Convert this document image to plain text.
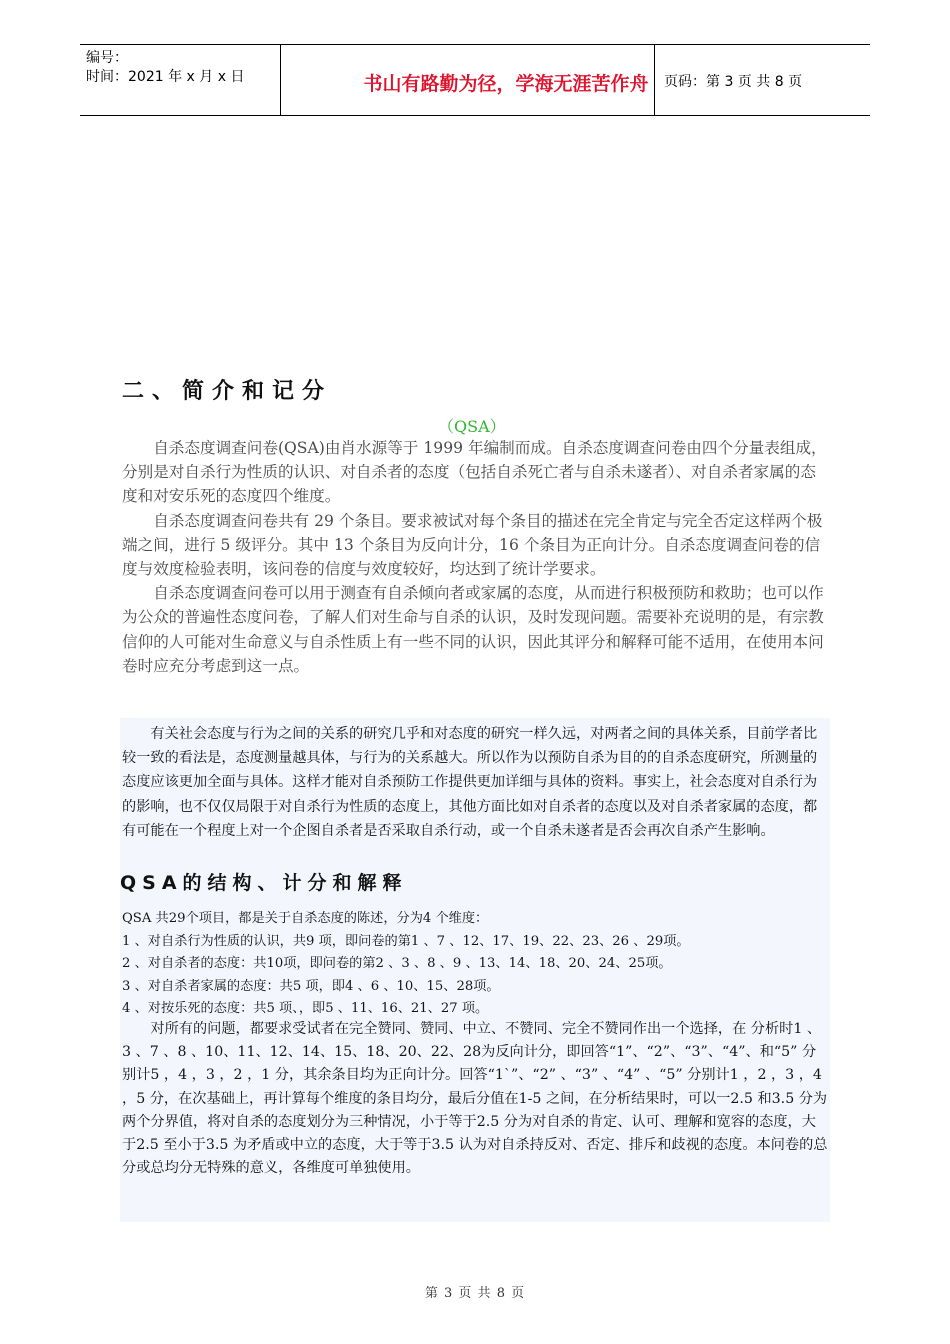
编号：
时间：2021 年 x 月 x 日	书山有路勤为径，学海无涯苦作舟	页码：第 3 页 共 8 页
二、简介和记分
（QSA）

自杀态度调查问卷(QSA)由肖水源等于 1999 年编制而成。自杀态度调查问卷由四个分量表组成，分别是对自杀行为性质的认识、对自杀者的态度（包括自杀死亡者与自杀未遂者）、对自杀者家属的态度和对安乐死的态度四个维度。

自杀态度调查问卷共有 29 个条目。要求被试对每个条目的描述在完全肯定与完全否定这样两个极端之间，进行 5 级评分。其中 13 个条目为反向计分，16 个条目为正向计分。自杀态度调查问卷的信度与效度检验表明，该问卷的信度与效度较好，均达到了统计学要求。

自杀态度调查问卷可以用于测查有自杀倾向者或家属的态度，从而进行积极预防和救助；也可以作为公众的普遍性态度问卷，了解人们对生命与自杀的认识，及时发现问题。需要补充说明的是，有宗教信仰的人可能对生命意义与自杀性质上有一些不同的认识，因此其评分和解释可能不适用，在使用本问卷时应充分考虑到这一点。

有关社会态度与行为之间的关系的研究几乎和对态度的研究一样久远，对两者之间的具体关系，目前学者比较一致的看法是，态度测量越具体，与行为的关系越大。所以作为以预防自杀为目的的自杀态度研究，所测量的态度应该更加全面与具体。这样才能对自杀预防工作提供更加详细与具体的资料。事实上，社会态度对自杀行为的影响，也不仅仅局限于对自杀行为性质的态度上，其他方面比如对自杀者的态度以及对自杀者家属的态度，都有可能在一个程度上对一个企图自杀者是否采取自杀行动，或一个自杀未遂者是否会再次自杀产生影响。

QSA的结构、计分和解释
QSA 共29个项目，都是关于自杀态度的陈述，分为4 个维度：
1 、对自杀行为性质的认识，共9 项，即问卷的第1 、7 、12、17、19、22、23、26 、29项。
2 、对自杀者的态度：共10项，即问卷的第2 、3 、8 、9 、13、14、18、20、24、25项。
3 、对自杀者家属的态度：共5 项，即4 、6 、10、15、28项。
4 、对按乐死的态度：共5 项、，即5 、11、16、21、27 项。

对所有的问题，都要求受试者在完全赞同、赞同、中立、不赞同、完全不赞同作出一个选择，在 分析时1 、3 、7 、8 、10、11、12、14、15、18、20、22、28为反向计分，即回答“1”、“2”、“3”、“4”、和“5” 分别计5 ，4 ，3 ，2 ，1 分，其余条目均为正向计分。回答“1`”、“2” 、“3” 、“4” 、“5” 分别计1 ，2 ，3 ，4 ，5 分，在次基础上，再计算每个维度的条目均分，最后分值在1-5 之间，在分析结果时，可以一2.5 和3.5 分为两个分界值，将对自杀的态度划分为三种情况，小于等于2.5 分为对自杀的肯定、认可、理解和宽容的态度，大于2.5 至小于3.5 为矛盾或中立的态度，大于等于3.5 认为对自杀持反对、否定、排斥和歧视的态度。本问卷的总分或总均分无特殊的意义，各维度可单独使用。

第 3 页 共 8 页
